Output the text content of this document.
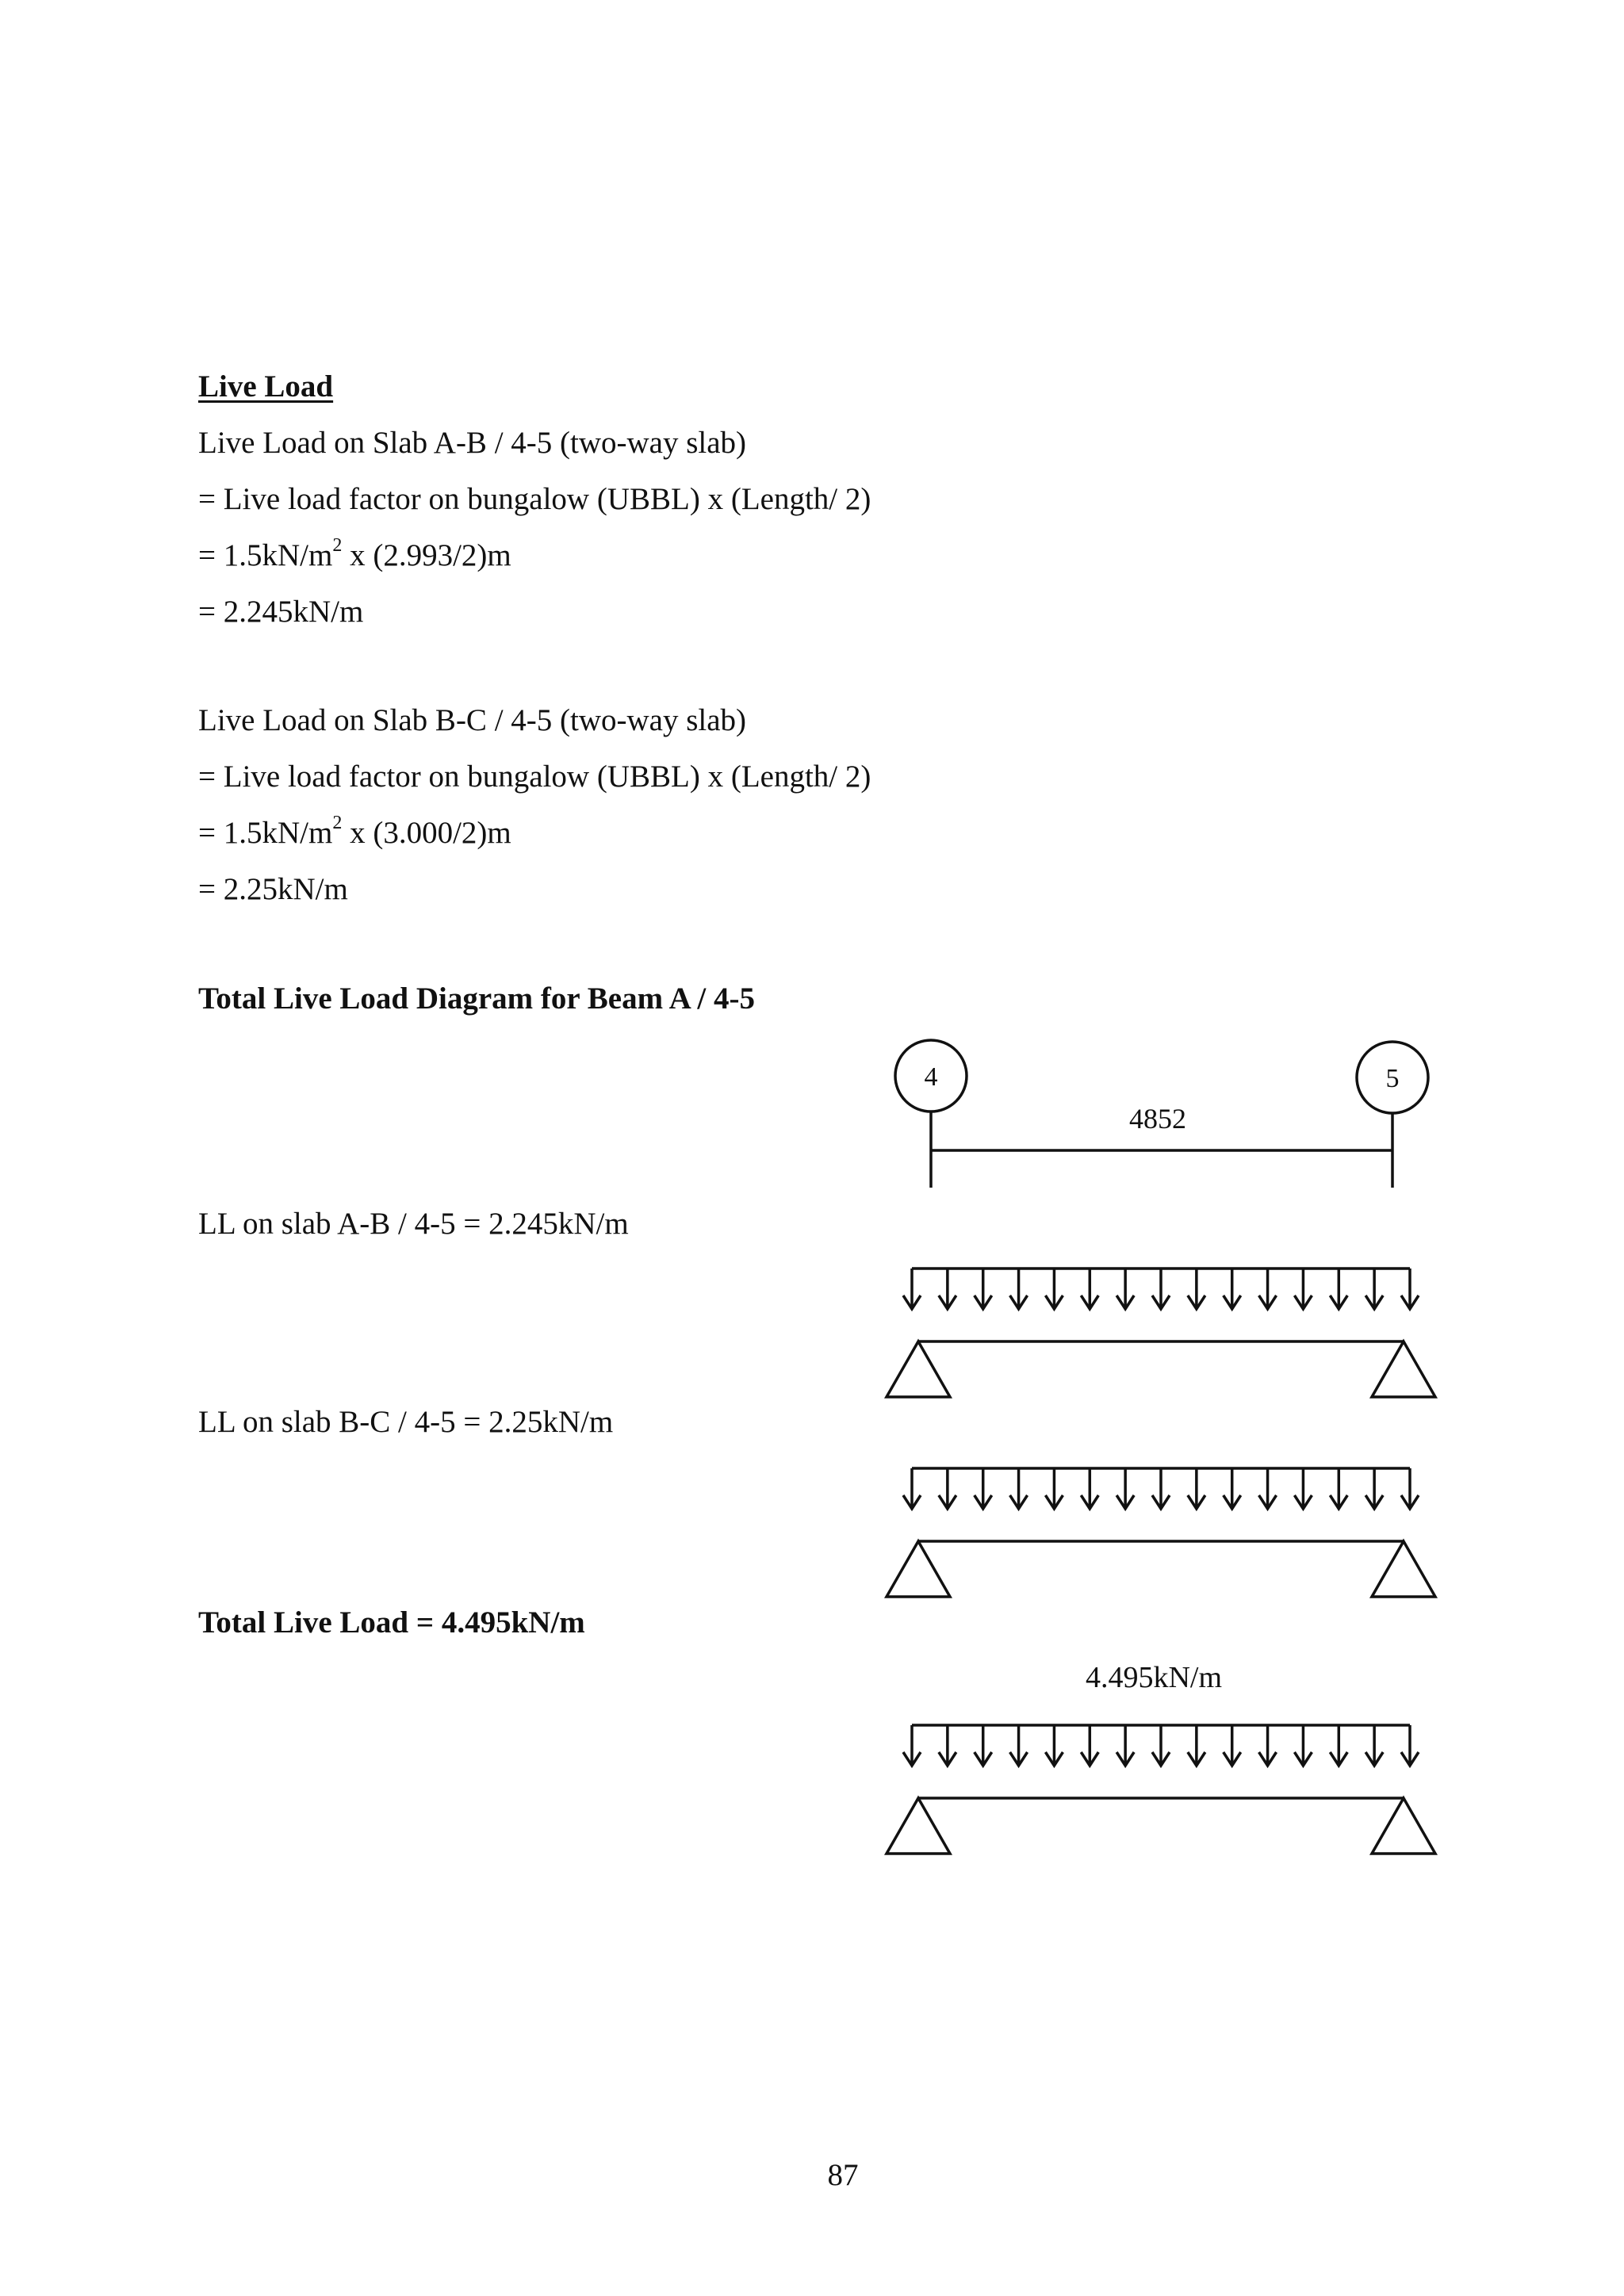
Live Load
Live Load on Slab A-B / 4-5 (two-way slab)
= Live load factor on bungalow (UBBL) x (Length/ 2)
= $1.5kN/m^2$ x (2.993/2)m
= 2.245kN/m
Live Load on Slab B-C / 4-5 (two-way slab)
= Live load factor on bungalow (UBBL) x (Length/ 2)
= $1.5kN/m^2$ x (3.000/2)m
= 2.25kN/m
Total Live Load Diagram for Beam A / 4-5
LL on slab A-B / 4-5 = 2.245kN/m
LL on slab B-C / 4-5 = 2.25kN/m
Total Live Load = 4.495kN/m
4	5
4852
4.495kN/m
87
